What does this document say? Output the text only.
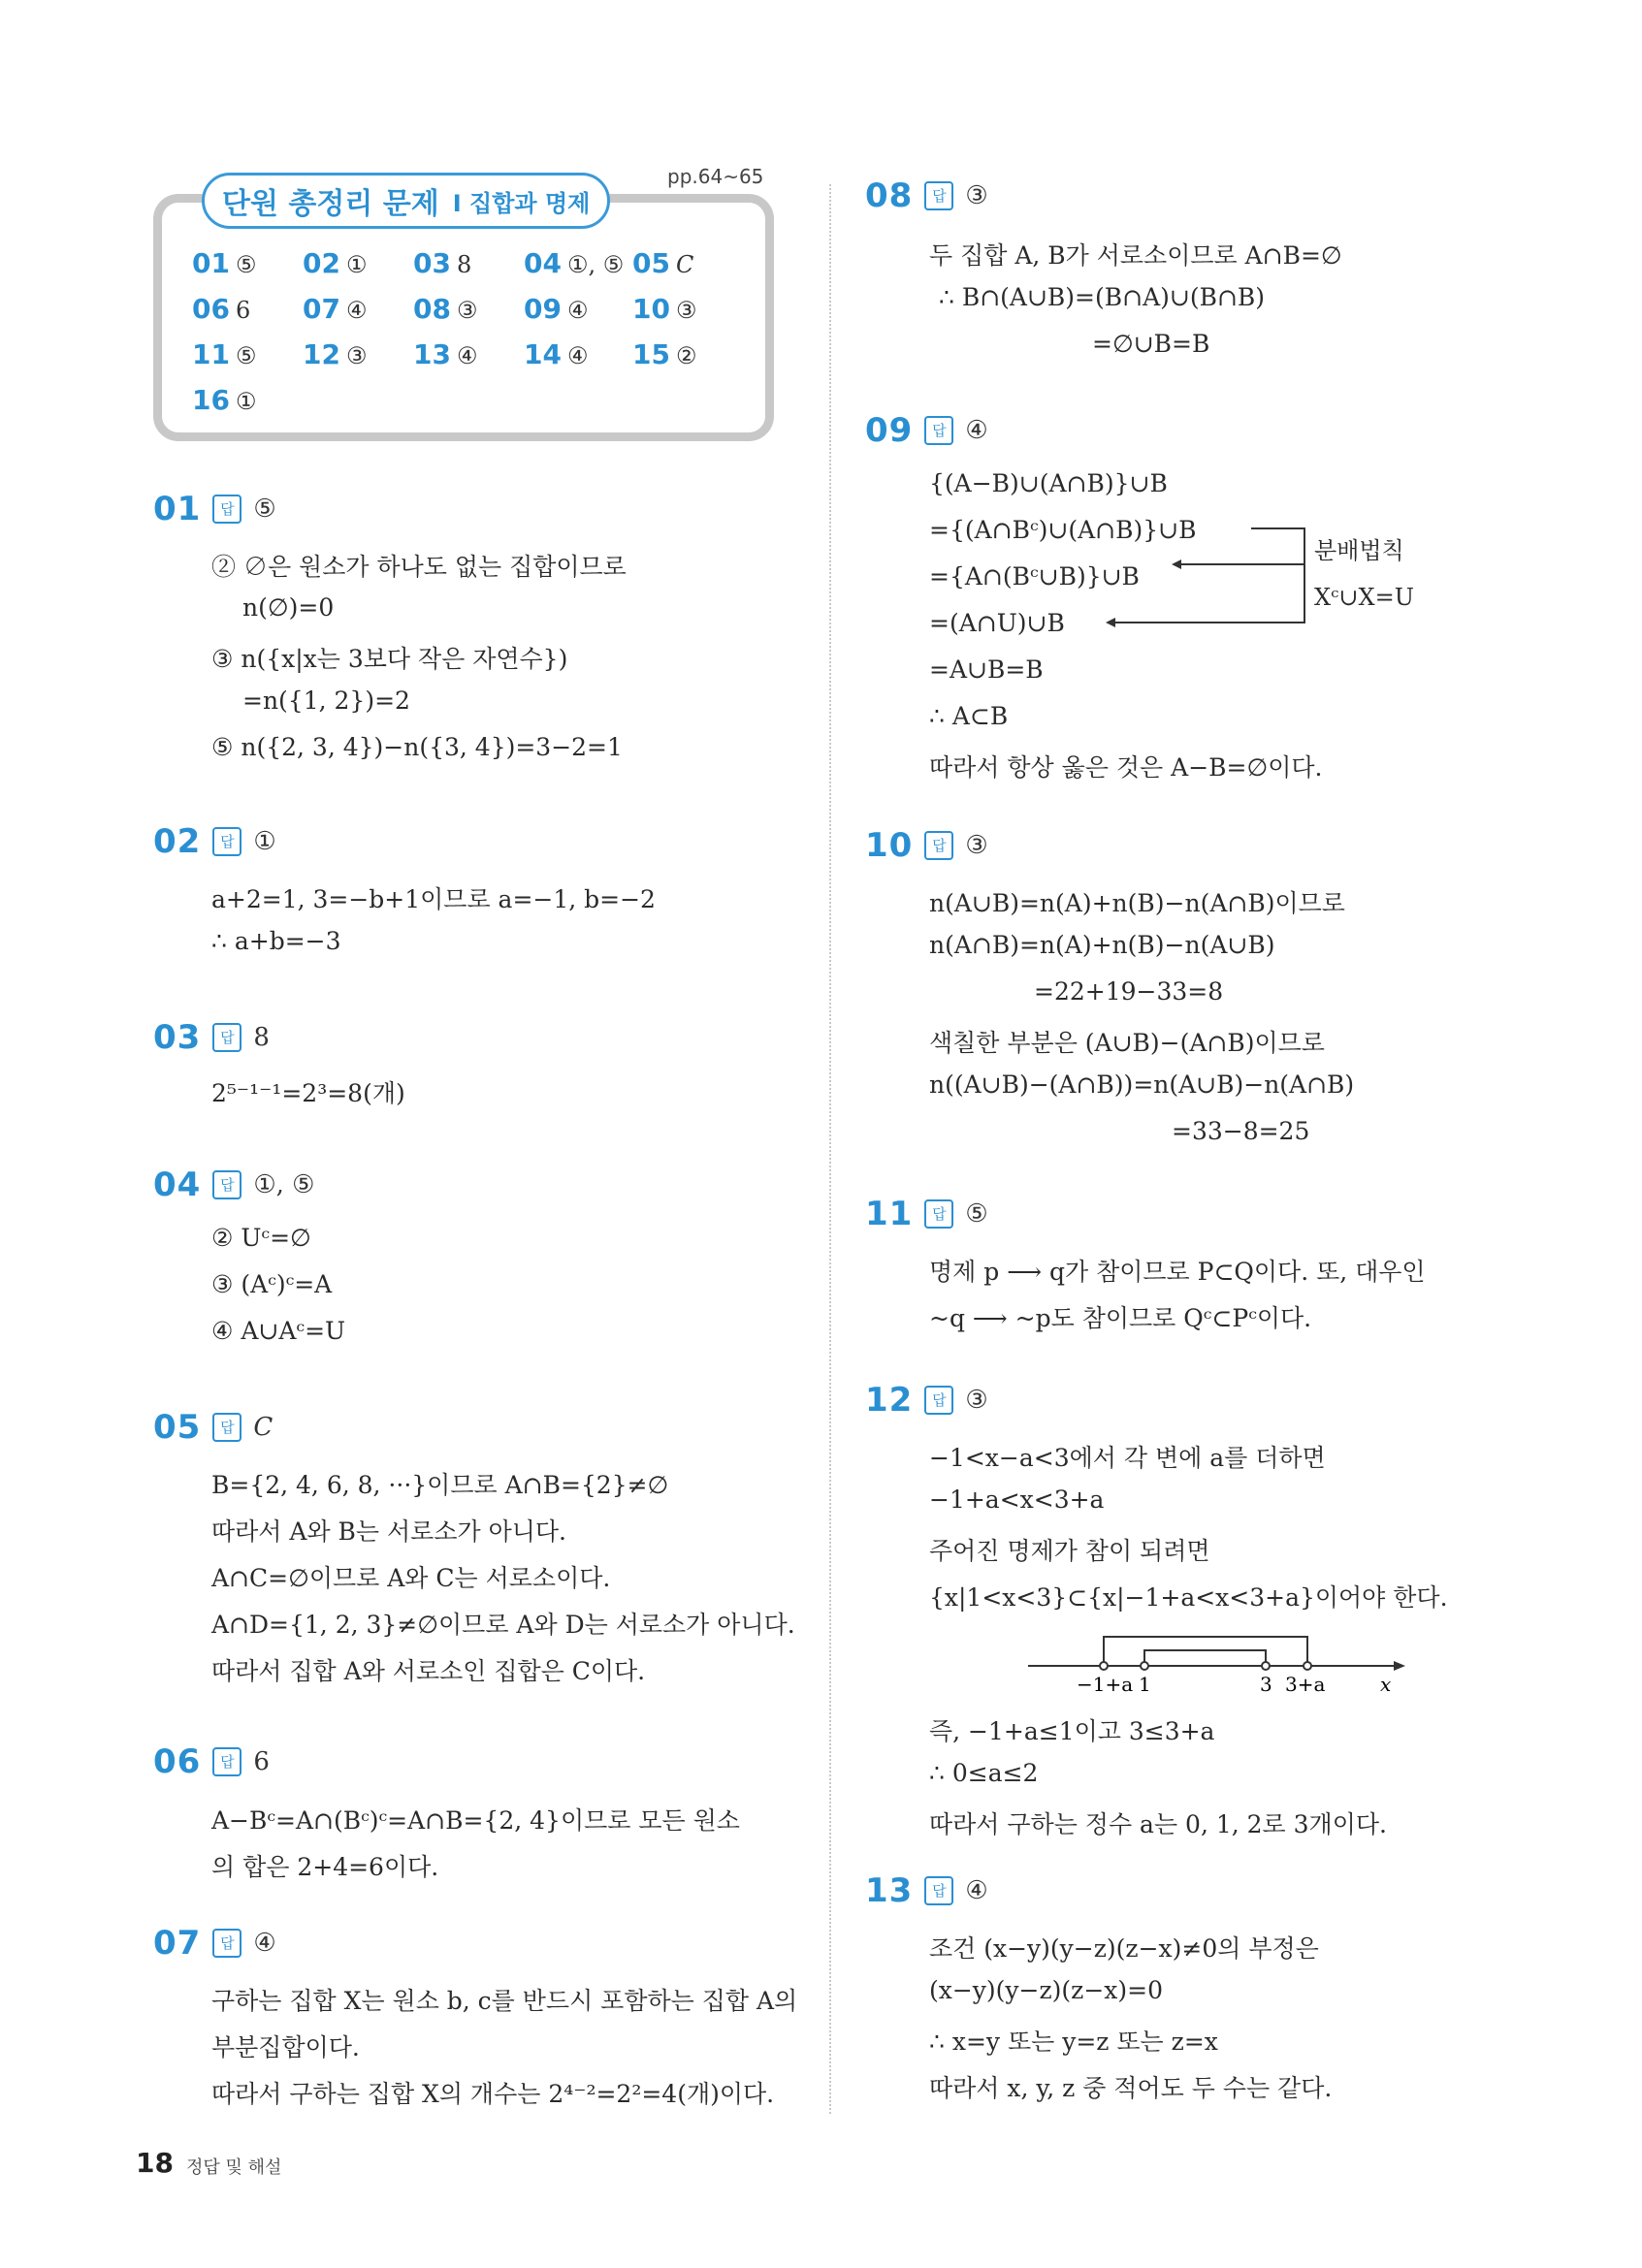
단원 총정리 문제 Ⅰ 집합과 명제
pp.64~65
01 ⑤ 02 ① 03 8 04 ①, ⑤ 05 C
06 6 07 ④ 08 ③ 09 ④ 10 ③
11 ⑤ 12 ③ 13 ④ 14 ④ 15 ②
16 ①
01	답 ⑤
② ∅은 원소가 하나도 없는 집합이므로
n(∅)=0
③ n({x|x는 3보다 작은 자연수})
=n({1, 2})=2
⑤ n({2, 3, 4})−n({3, 4})=3−2=1
02	답 ①
a+2=1, 3=−b+1이므로 a=−1, b=−2
∴ a+b=−3
03	답 8
2⁵⁻¹⁻¹=2³=8(개)
04	답 ①, ⑤
② Uᶜ=∅
③ (Aᶜ)ᶜ=A
④ A∪Aᶜ=U
05	답 C
B={2, 4, 6, 8, ···}이므로 A∩B={2}≠∅
따라서 A와 B는 서로소가 아니다.
A∩C=∅이므로 A와 C는 서로소이다.
A∩D={1, 2, 3}≠∅이므로 A와 D는 서로소가 아니다.
따라서 집합 A와 서로소인 집합은 C이다.
06	답 6
A−Bᶜ=A∩(Bᶜ)ᶜ=A∩B={2, 4}이므로 모든 원소
의 합은 2+4=6이다.
07	답 ④
구하는 집합 X는 원소 b, c를 반드시 포함하는 집합 A의
부분집합이다.
따라서 구하는 집합 X의 개수는 2⁴⁻²=2²=4(개)이다.
08	답 ③
두 집합 A, B가 서로소이므로 A∩B=∅
∴ B∩(A∪B)=(B∩A)∪(B∩B)
=∅∪B=B
09	답 ④
{(A−B)∪(A∩B)}∪B
={(A∩Bᶜ)∪(A∩B)}∪B
={A∩(Bᶜ∪B)}∪B
=(A∩U)∪B
=A∪B=B
∴ A⊂B
따라서 항상 옳은 것은 A−B=∅이다.
분배법칙
Xᶜ∪X=U
10	답 ③
n(A∪B)=n(A)+n(B)−n(A∩B)이므로
n(A∩B)=n(A)+n(B)−n(A∪B)
=22+19−33=8
색칠한 부분은 (A∪B)−(A∩B)이므로
n((A∪B)−(A∩B))=n(A∪B)−n(A∩B)
=33−8=25
11	답 ⑤
명제 p ⟶ q가 참이므로 P⊂Q이다. 또, 대우인
~q ⟶ ~p도 참이므로 Qᶜ⊂Pᶜ이다.
12	답 ③
−1<x−a<3에서 각 변에 a를 더하면
−1+a<x<3+a
주어진 명제가 참이 되려면
{x|1<x<3}⊂{x|−1+a<x<3+a}이어야 한다.
−1+a 1	3 3+a	x
즉, −1+a≤1이고 3≤3+a
∴ 0≤a≤2
따라서 구하는 정수 a는 0, 1, 2로 3개이다.
13	답 ④
조건 (x−y)(y−z)(z−x)≠0의 부정은
(x−y)(y−z)(z−x)=0
∴ x=y 또는 y=z 또는 z=x
따라서 x, y, z 중 적어도 두 수는 같다.
18 정답 및 해설
